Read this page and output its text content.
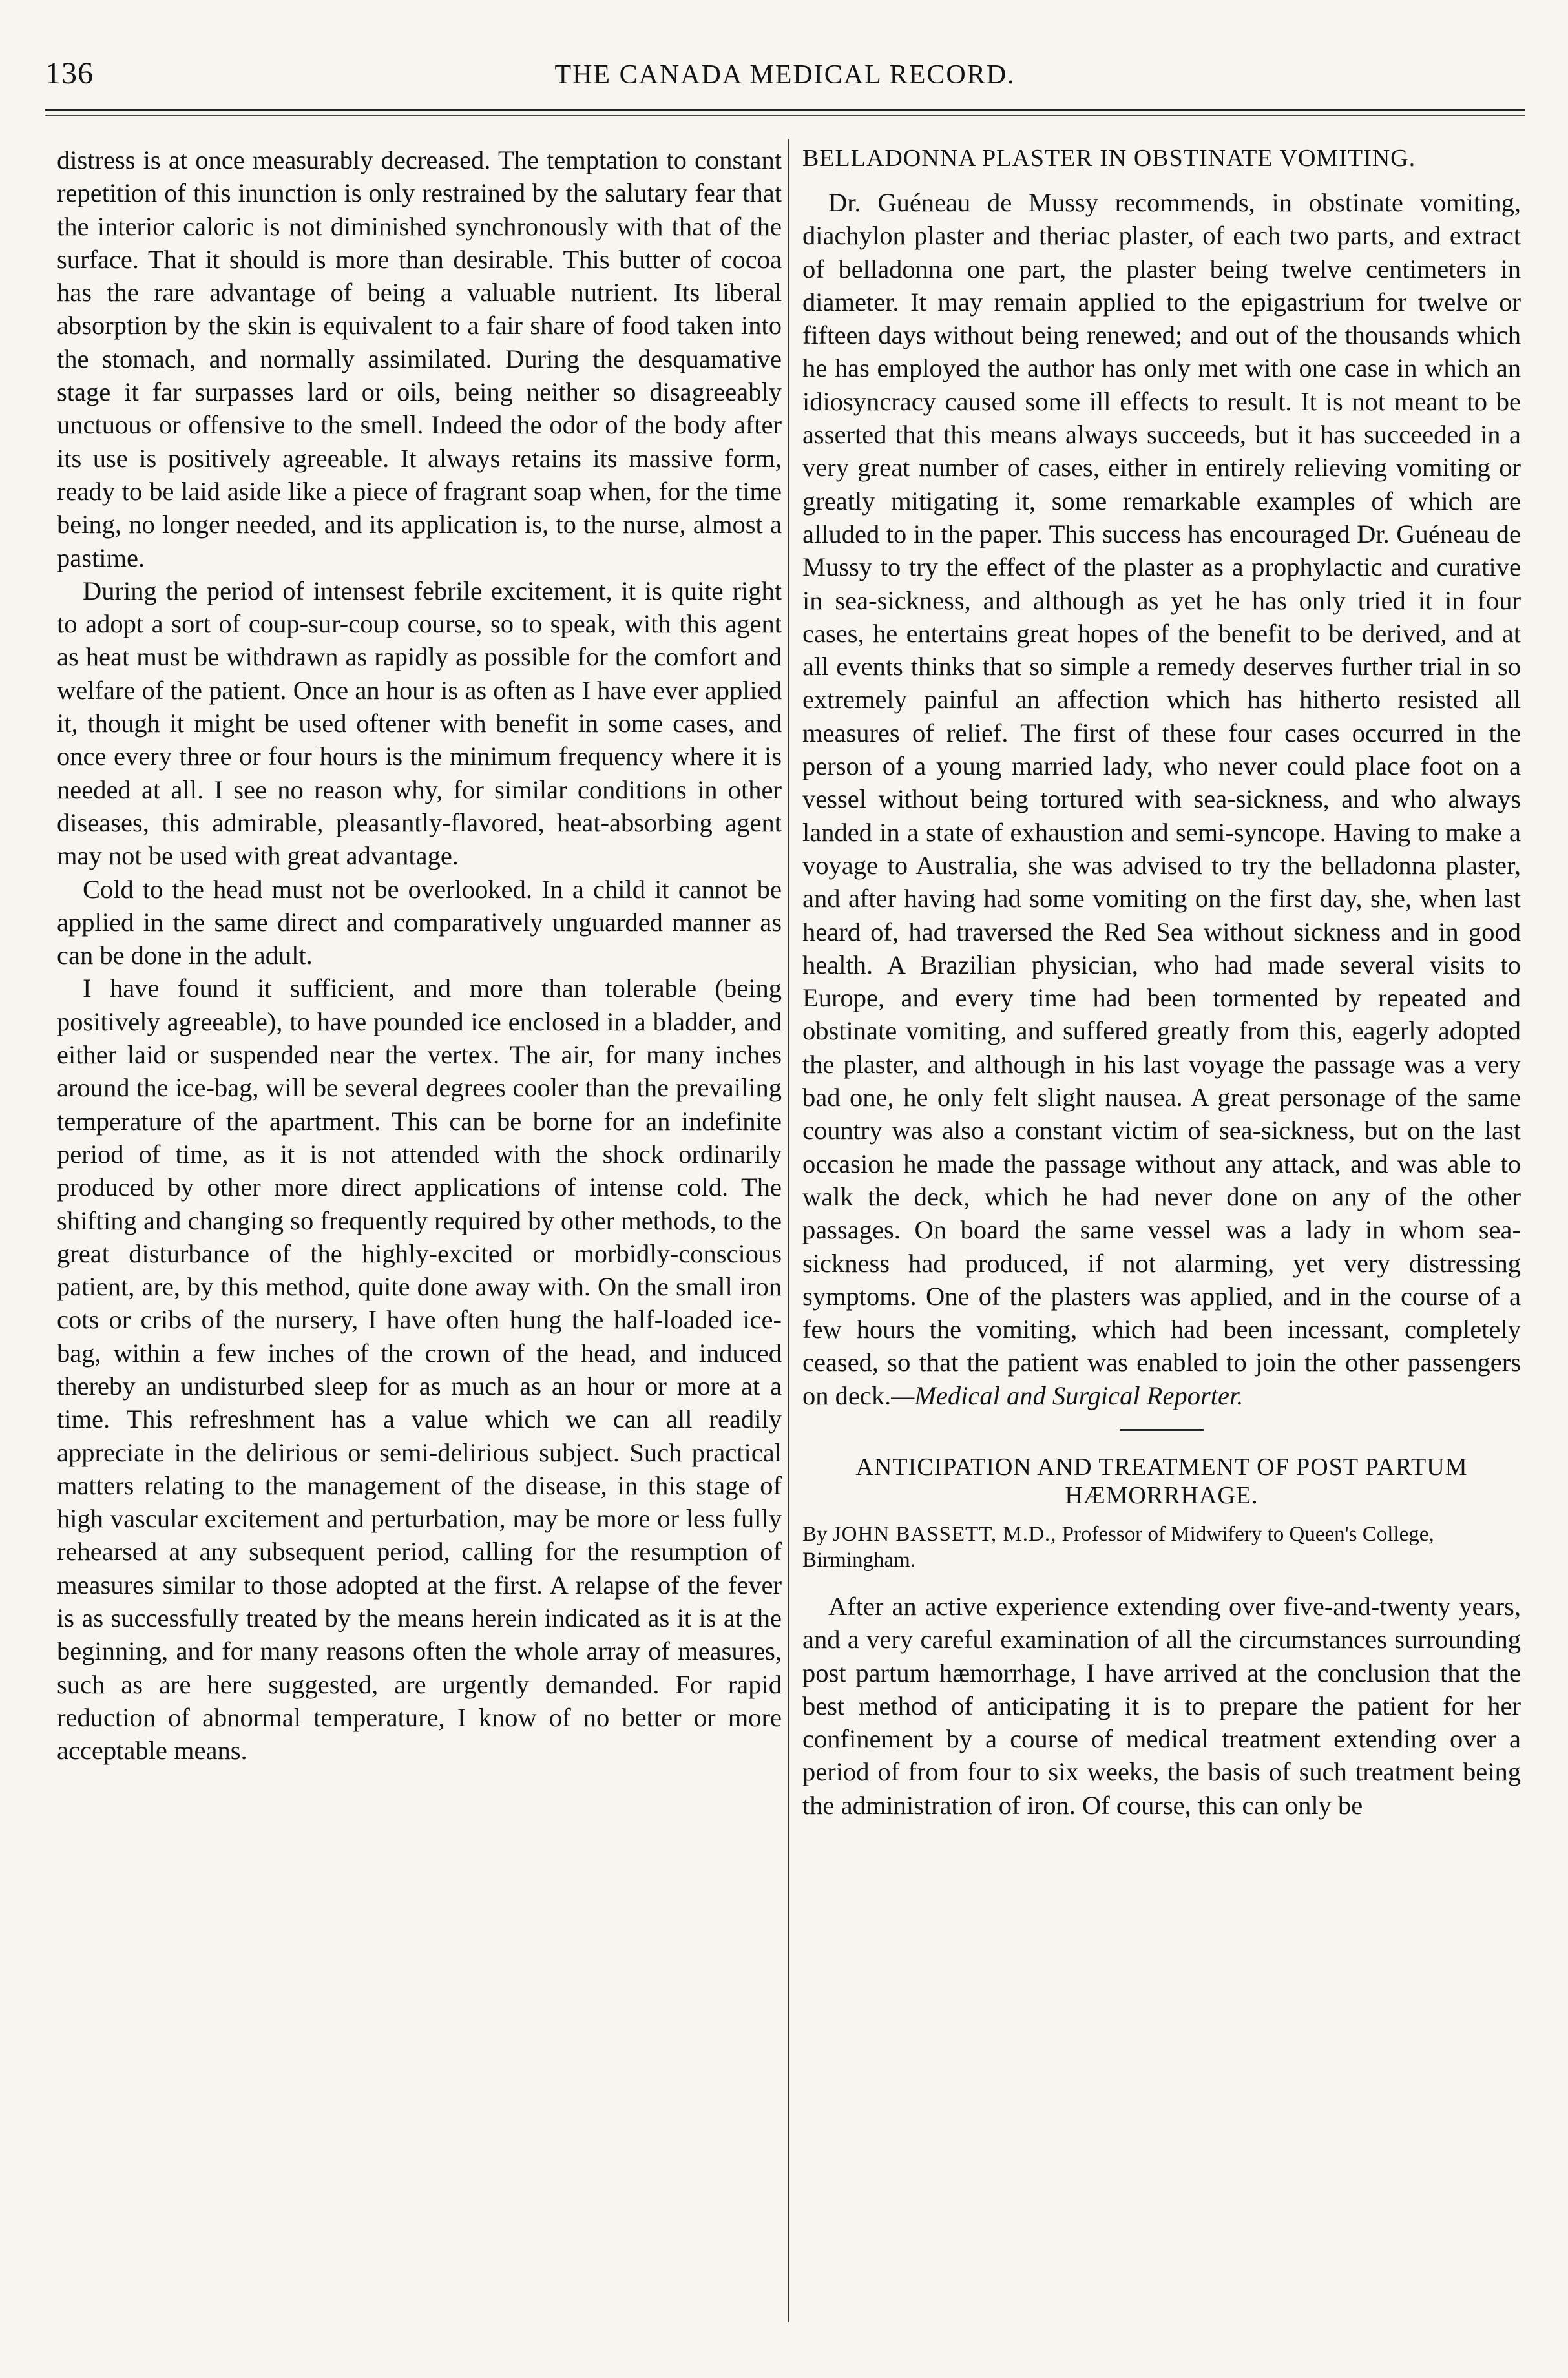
136	THE CANADA MEDICAL RECORD.

distress is at once measurably decreased. The temptation to constant repetition of this inunction is only restrained by the salutary fear that the interior caloric is not diminished synchronously with that of the surface. That it should is more than desirable. This butter of cocoa has the rare advantage of being a valuable nutrient. Its liberal absorption by the skin is equivalent to a fair share of food taken into the stomach, and normally assimilated. During the desquamative stage it far surpasses lard or oils, being neither so disagreeably unctuous or offensive to the smell. Indeed the odor of the body after its use is positively agreeable. It always retains its massive form, ready to be laid aside like a piece of fragrant soap when, for the time being, no longer needed, and its application is, to the nurse, almost a pastime.

During the period of intensest febrile excitement, it is quite right to adopt a sort of coup-sur-coup course, so to speak, with this agent as heat must be withdrawn as rapidly as possible for the comfort and welfare of the patient. Once an hour is as often as I have ever applied it, though it might be used oftener with benefit in some cases, and once every three or four hours is the minimum frequency where it is needed at all. I see no reason why, for similar conditions in other diseases, this admirable, pleasantly-flavored, heat-absorbing agent may not be used with great advantage.

Cold to the head must not be overlooked. In a child it cannot be applied in the same direct and comparatively unguarded manner as can be done in the adult.

I have found it sufficient, and more than tolerable (being positively agreeable), to have pounded ice enclosed in a bladder, and either laid or suspended near the vertex. The air, for many inches around the ice-bag, will be several degrees cooler than the prevailing temperature of the apartment. This can be borne for an indefinite period of time, as it is not attended with the shock ordinarily produced by other more direct applications of intense cold. The shifting and changing so frequently required by other methods, to the great disturbance of the highly-excited or morbidly-conscious patient, are, by this method, quite done away with. On the small iron cots or cribs of the nursery, I have often hung the half-loaded ice-bag, within a few inches of the crown of the head, and induced thereby an undisturbed sleep for as much as an hour or more at a time. This refreshment has a value which we can all readily appreciate in the delirious or semi-delirious subject. Such practical matters relating to the management of the disease, in this stage of high vascular excitement and perturbation, may be more or less fully rehearsed at any subsequent period, calling for the resumption of measures similar to those adopted at the first. A relapse of the fever is as successfully treated by the means herein indicated as it is at the beginning, and for many reasons often the whole array of measures, such as are here suggested, are urgently demanded. For rapid reduction of abnormal temperature, I know of no better or more acceptable means.

BELLADONNA PLASTER IN OBSTINATE VOMITING.

Dr. Guéneau de Mussy recommends, in obstinate vomiting, diachylon plaster and theriac plaster, of each two parts, and extract of belladonna one part, the plaster being twelve centimeters in diameter. It may remain applied to the epigastrium for twelve or fifteen days without being renewed; and out of the thousands which he has employed the author has only met with one case in which an idiosyncracy caused some ill effects to result. It is not meant to be asserted that this means always succeeds, but it has succeeded in a very great number of cases, either in entirely relieving vomiting or greatly mitigating it, some remarkable examples of which are alluded to in the paper. This success has encouraged Dr. Guéneau de Mussy to try the effect of the plaster as a prophylactic and curative in sea-sickness, and although as yet he has only tried it in four cases, he entertains great hopes of the benefit to be derived, and at all events thinks that so simple a remedy deserves further trial in so extremely painful an affection which has hitherto resisted all measures of relief. The first of these four cases occurred in the person of a young married lady, who never could place foot on a vessel without being tortured with sea-sickness, and who always landed in a state of exhaustion and semi-syncope. Having to make a voyage to Australia, she was advised to try the belladonna plaster, and after having had some vomiting on the first day, she, when last heard of, had traversed the Red Sea without sickness and in good health. A Brazilian physician, who had made several visits to Europe, and every time had been tormented by repeated and obstinate vomiting, and suffered greatly from this, eagerly adopted the plaster, and although in his last voyage the passage was a very bad one, he only felt slight nausea. A great personage of the same country was also a constant victim of sea-sickness, but on the last occasion he made the passage without any attack, and was able to walk the deck, which he had never done on any of the other passages. On board the same vessel was a lady in whom sea-sickness had produced, if not alarming, yet very distressing symptoms. One of the plasters was applied, and in the course of a few hours the vomiting, which had been incessant, completely ceased, so that the patient was enabled to join the other passengers on deck.—Medical and Surgical Reporter.

ANTICIPATION AND TREATMENT OF POST PARTUM HÆMORRHAGE.
By JOHN BASSETT, M.D., Professor of Midwifery to Queen's College, Birmingham.

After an active experience extending over five-and-twenty years, and a very careful examination of all the circumstances surrounding post partum hæmorrhage, I have arrived at the conclusion that the best method of anticipating it is to prepare the patient for her confinement by a course of medical treatment extending over a period of from four to six weeks, the basis of such treatment being the administration of iron. Of course, this can only be
